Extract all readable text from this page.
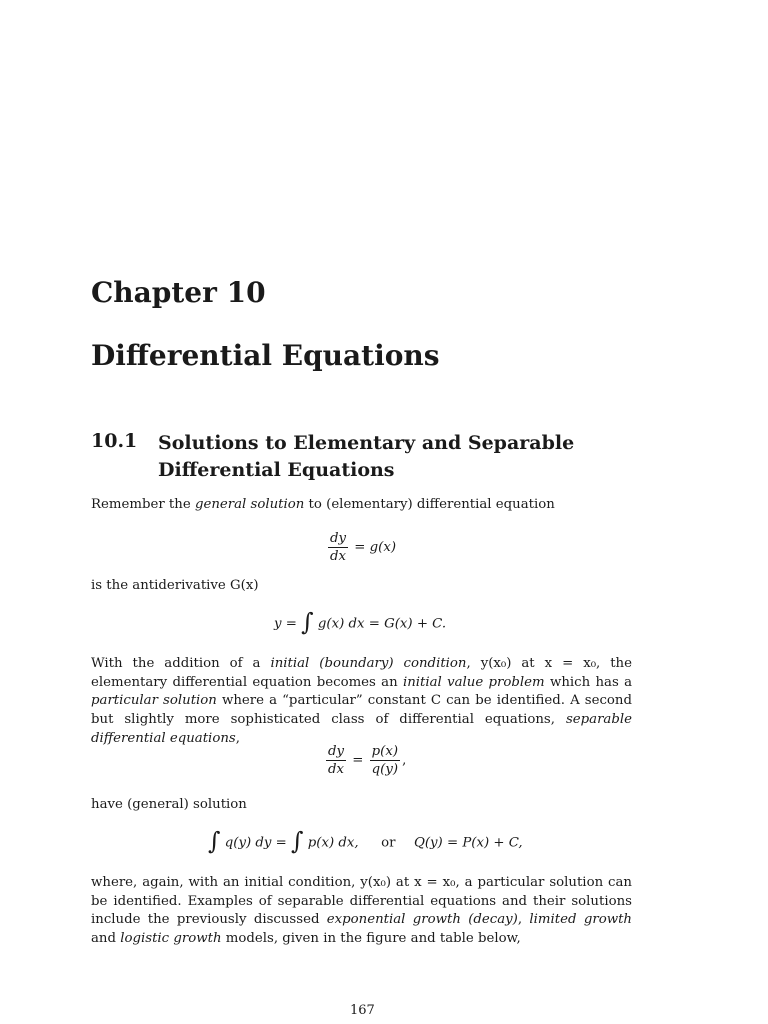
Chapter 10
Differential Equations
10.1 Solutions to Elementary and Separable Differential Equations
Remember the general solution to (elementary) differential equation
$\frac{dy}{dx} = g(x)$
is the antiderivative G(x)
y = ∫ g(x) dx = G(x) + C.
With the addition of a initial (boundary) condition, y(x₀) at x = x₀, the elementary differential equation becomes an initial value problem which has a particular solution where a “particular” constant C can be identified. A second but slightly more sophisticated class of differential equations, separable differential equations,
$\frac{dy}{dx} = \frac{p(x)}{q(y)}$ ,
have (general) solution
∫ q(y) dy = ∫ p(x) dx, or Q(y) = P(x) + C,
where, again, with an initial condition, y(x₀) at x = x₀, a particular solution can be identified. Examples of separable differential equations and their solutions include the previously discussed exponential growth (decay), limited growth and logistic growth models, given in the figure and table below,
167
